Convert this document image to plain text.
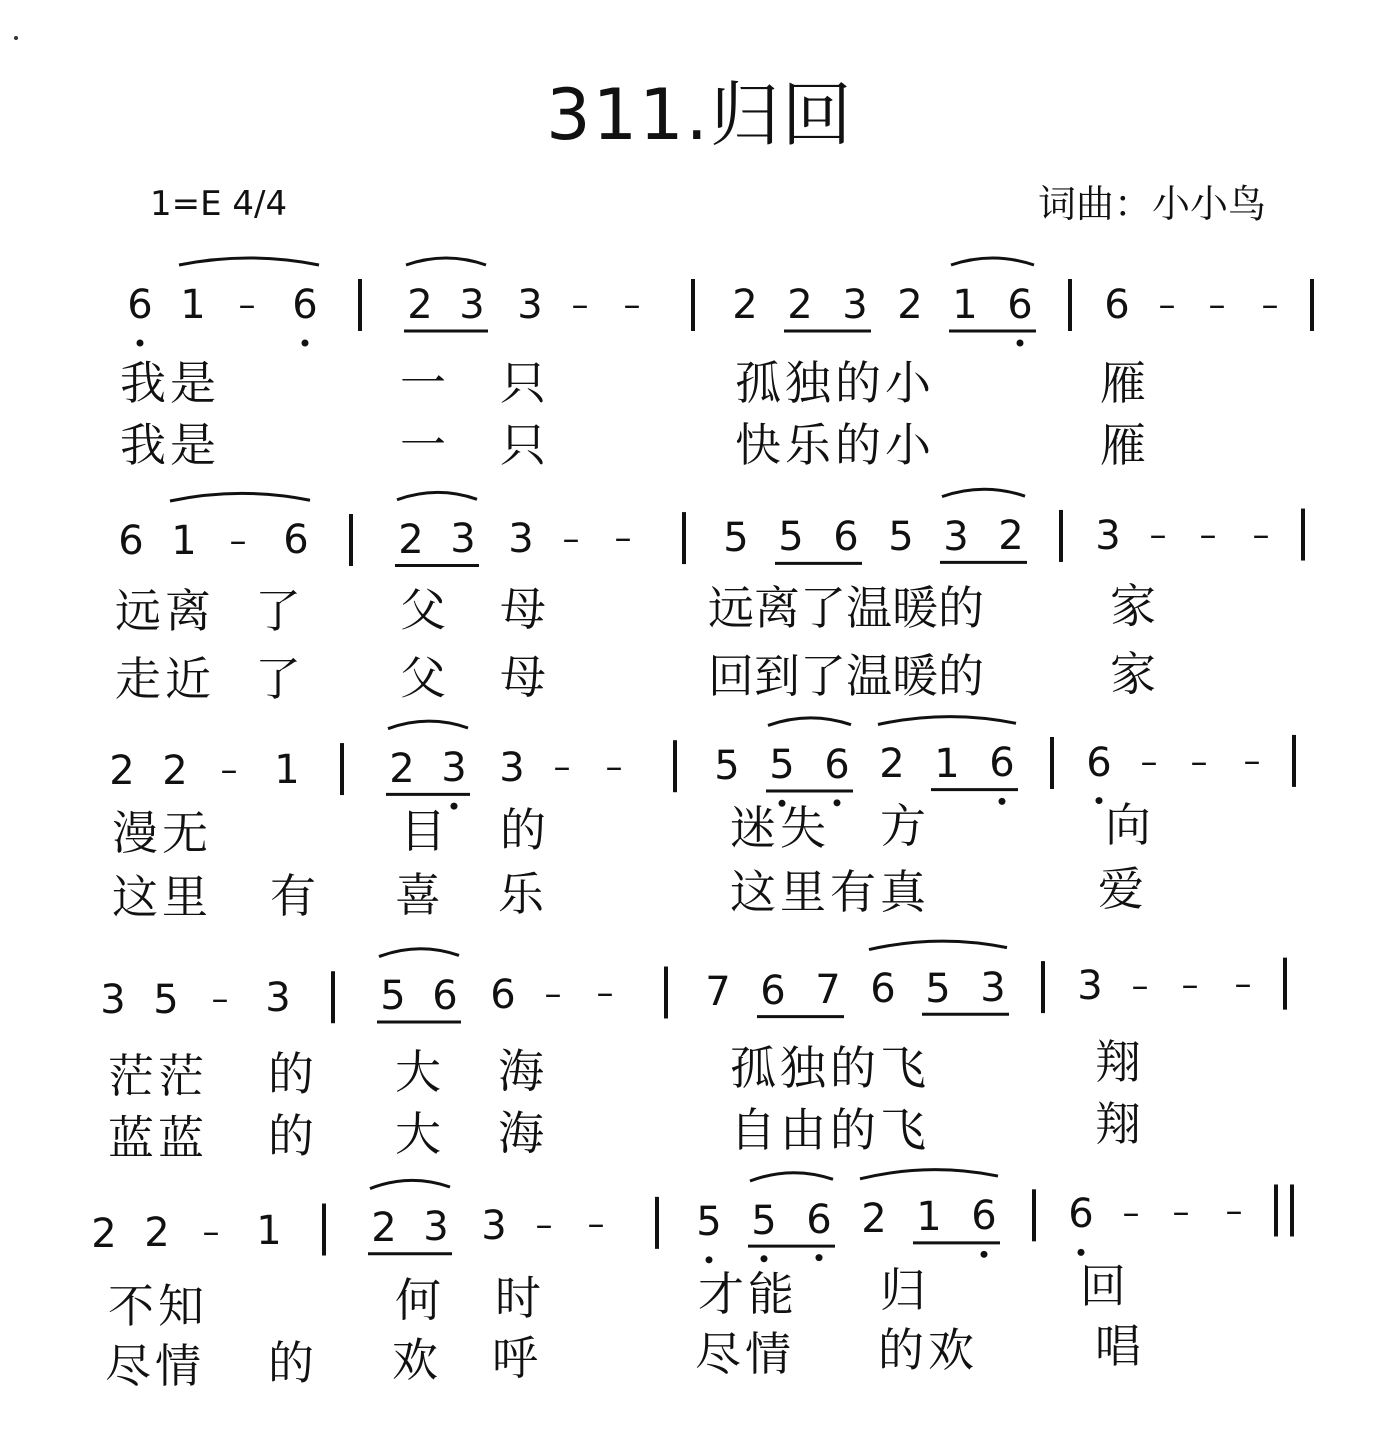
311.归回
1=E 4/4	词曲：小小鸟
6 1 – 6 2 3 3 – – 2 2 3 2 1 6 6 – – –
6 1 – 6 2 3 3 – – 5 5 6 5 3 2 3 – – –
2 2 – 1 2 3 3 – – 5 5 6 2 1 6 6 – – –
3 5 – 3 5 6 6 – – 7 6 7 6 5 3 3 – – –
2 2 – 1 2 3 3 – – 5 5 6 2 1 6 6 – – –
我是	一 只	孤独的小	雁
我是	一 只	快乐的小	雁
远离 了 父 母	远离了温暖的	家
走近 了 父 母	回到了温暖的	家
漫无	目 的	迷失 方	向
这里 有 喜 乐	这里有真	爱
茫茫 的 大 海	孤独的飞	翔
蓝蓝 的 大 海	自由的飞	翔
不知	何 时	才能 归	回
尽情 的 欢 呼	尽情 的欢	唱
